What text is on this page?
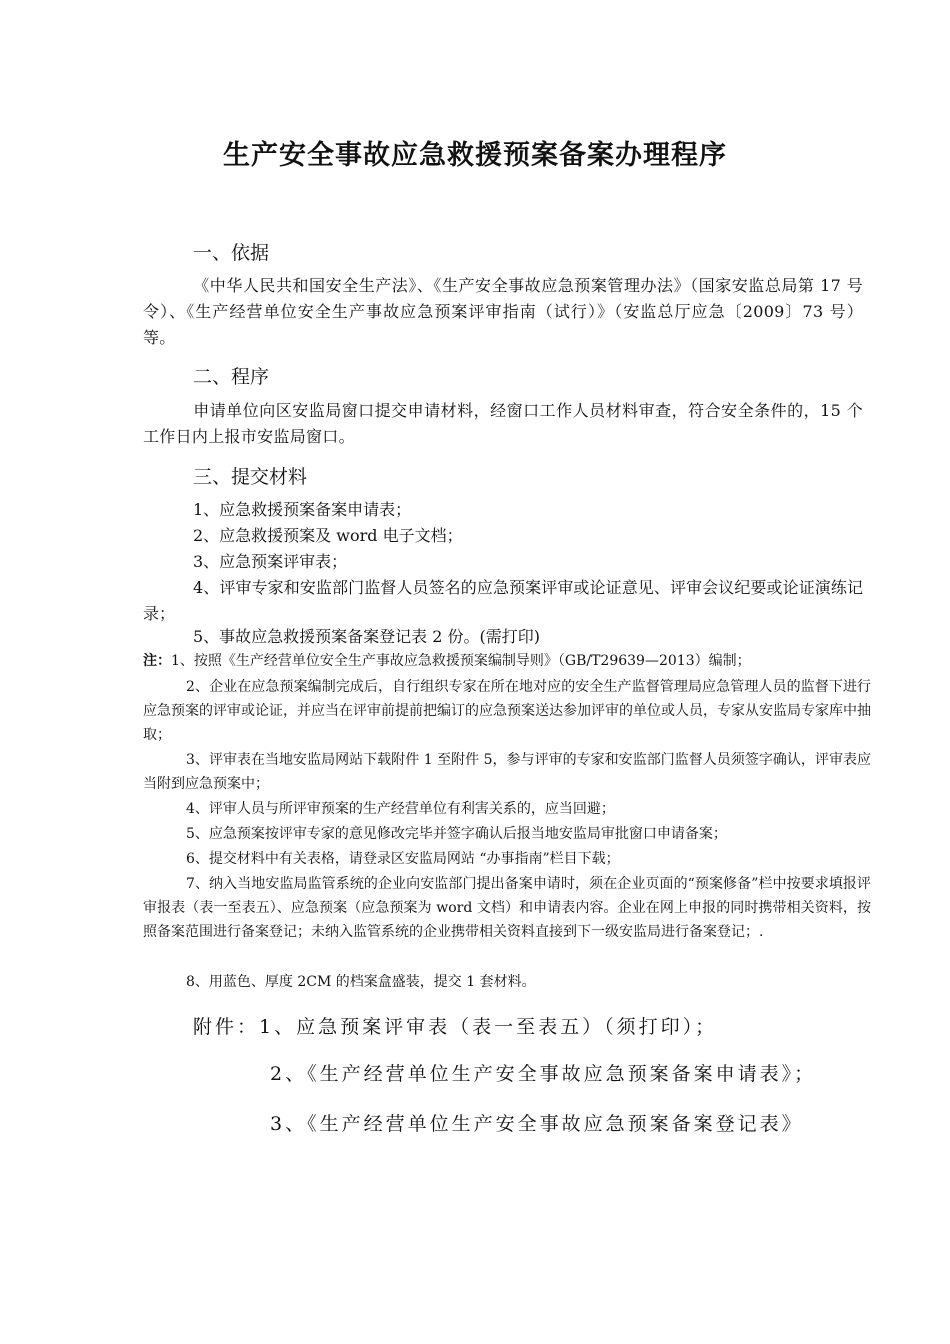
生产安全事故应急救援预案备案办理程序
一、依据
《中华人民共和国安全生产法》、《生产安全事故应急预案管理办法》（国家安监总局第 17 号令）、《生产经营单位安全生产事故应急预案评审指南（试行）》（安监总厅应急〔2009〕73 号）等。
二、程序
申请单位向区安监局窗口提交申请材料，经窗口工作人员材料审查，符合安全条件的，15 个工作日内上报市安监局窗口。
三、提交材料
1、应急救援预案备案申请表；
2、应急救援预案及 word 电子文档；
3、应急预案评审表；
4、评审专家和安监部门监督人员签名的应急预案评审或论证意见、评审会议纪要或论证演练记录；
5、事故应急救援预案备案登记表 2 份。(需打印)
注：1、按照《生产经营单位安全生产事故应急救援预案编制导则》（GB/T29639—2013）编制；
2、企业在应急预案编制完成后，自行组织专家在所在地对应的安全生产监督管理局应急管理人员的监督下进行应急预案的评审或论证，并应当在评审前提前把编订的应急预案送达参加评审的单位或人员，专家从安监局专家库中抽取；
3、评审表在当地安监局网站下载附件 1 至附件 5，参与评审的专家和安监部门监督人员须签字确认，评审表应当附到应急预案中；
4、评审人员与所评审预案的生产经营单位有利害关系的，应当回避；
5、应急预案按评审专家的意见修改完毕并签字确认后报当地安监局审批窗口申请备案；
6、提交材料中有关表格，请登录区安监局网站 “办事指南”栏目下载；
7、纳入当地安监局监管系统的企业向安监部门提出备案申请时，须在企业页面的“预案修备”栏中按要求填报评审报表（表一至表五）、应急预案（应急预案为 word 文档）和申请表内容。企业在网上申报的同时携带相关资料，按照备案范围进行备案登记；未纳入监管系统的企业携带相关资料直接到下一级安监局进行备案登记；.
8、用蓝色、厚度 2CM 的档案盒盛装，提交 1 套材料。
附件：1、应急预案评审表（表一至表五）（须打印）；
2、《生产经营单位生产安全事故应急预案备案申请表》；
3、《生产经营单位生产安全事故应急预案备案登记表》
